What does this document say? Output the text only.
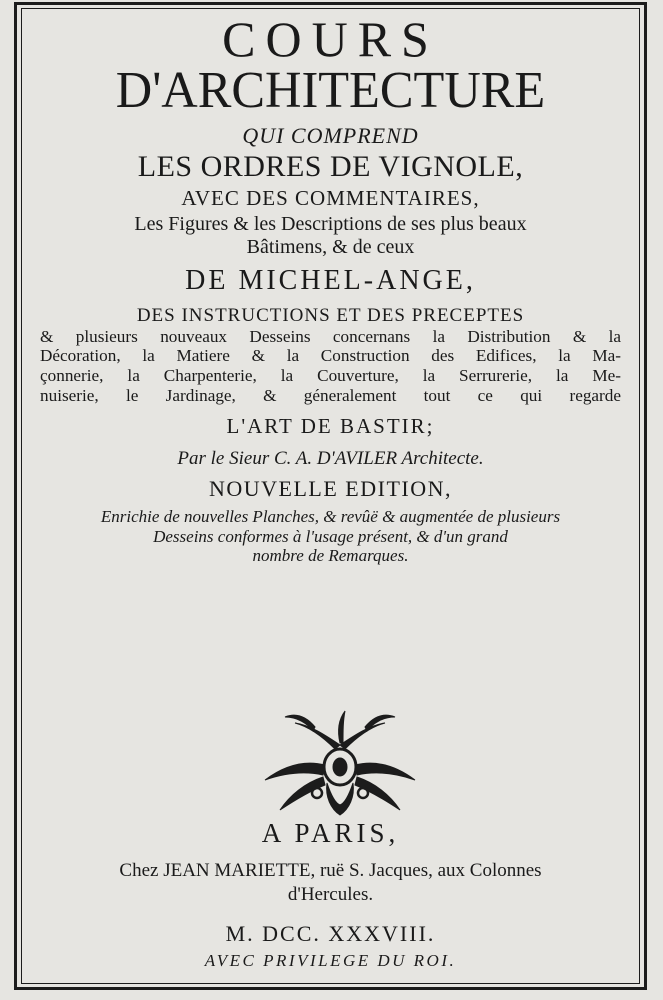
COURS
D'ARCHITECTURE
QUI COMPREND
LES ORDRES DE VIGNOLE,
AVEC DES COMMENTAIRES,
Les Figures & les Descriptions de ses plus beaux
Bâtimens, & de ceux
DE MICHEL-ANGE,
DES INSTRUCTIONS ET DES PRECEPTES
& plusieurs nouveaux Desseins concernans la Distribution & la
Décoration, la Matiere & la Construction des Edifices, la Ma-
çonnerie, la Charpenterie, la Couverture, la Serrurerie, la Me-
nuiserie, le Jardinage, & géneralement tout ce qui regarde
L'ART DE BASTIR;
Par le Sieur C. A. D'AVILER Architecte.
NOUVELLE EDITION,
Enrichie de nouvelles Planches, & revûë & augmentée de plusieurs
Desseins conformes à l'usage présent, & d'un grand
nombre de Remarques.
A PARIS,
Chez JEAN MARIETTE, ruë S. Jacques, aux Colonnes
d'Hercules.
M. DCC. XXXVIII.
AVEC PRIVILEGE DU ROI.
